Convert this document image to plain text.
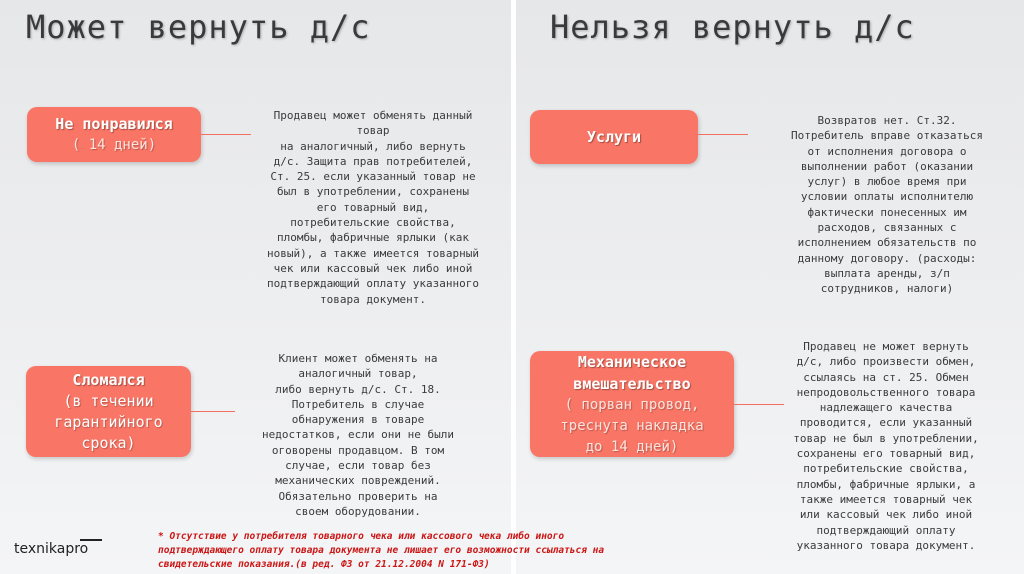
Может вернуть д/с	Нельзя вернуть д/с
Не понравился
( 14 дней)

Продавец может обменять данный
товар
на аналогичный, либо вернуть
д/с. Защита прав потребителей,
Ст. 25. если указанный товар не
был в употреблении, сохранены
его товарный вид,
потребительские свойства,
пломбы, фабричные ярлыки (как
новый), а также имеется товарный
чек или кассовый чек либо иной
подтверждающий оплату указанного
товара документ.

Сломался
(в течении
гарантийного
срока)

Клиент может обменять на
аналогичный товар,
либо вернуть д/с. Ст. 18.
Потребитель в случае
обнаружения в товаре
недостатков, если они не были
оговорены продавцом. В том
случае, если товар без
механических повреждений.
Обязательно проверить на
своем оборудовании.

Услуги

Возвратов нет. Ст.32.
Потребитель вправе отказаться
от исполнения договора о
выполнении работ (оказании
услуг) в любое время при
условии оплаты исполнителю
фактически понесенных им
расходов, связанных с
исполнением обязательств по
данному договору. (расходы:
выплата аренды, з/п
сотрудников, налоги)

Механическое
вмешательство
( порван провод,
треснута накладка
до 14 дней)

Продавец не может вернуть
д/с, либо произвести обмен,
ссылаясь на ст. 25. Обмен
непродовольственного товара
надлежащего качества
проводится, если указанный
товар не был в употреблении,
сохранены его товарный вид,
потребительские свойства,
пломбы, фабричные ярлыки, а
также имеется товарный чек
или кассовый чек либо иной
подтверждающий оплату
указанного товара документ.

* Отсутствие у потребителя товарного чека или кассового чека либо иного
подтверждающего оплату товара документа не лишает его возможности ссылаться на
свидетельские показания.(в ред. ФЗ от 21.12.2004 N 171-ФЗ)

texnikapro
